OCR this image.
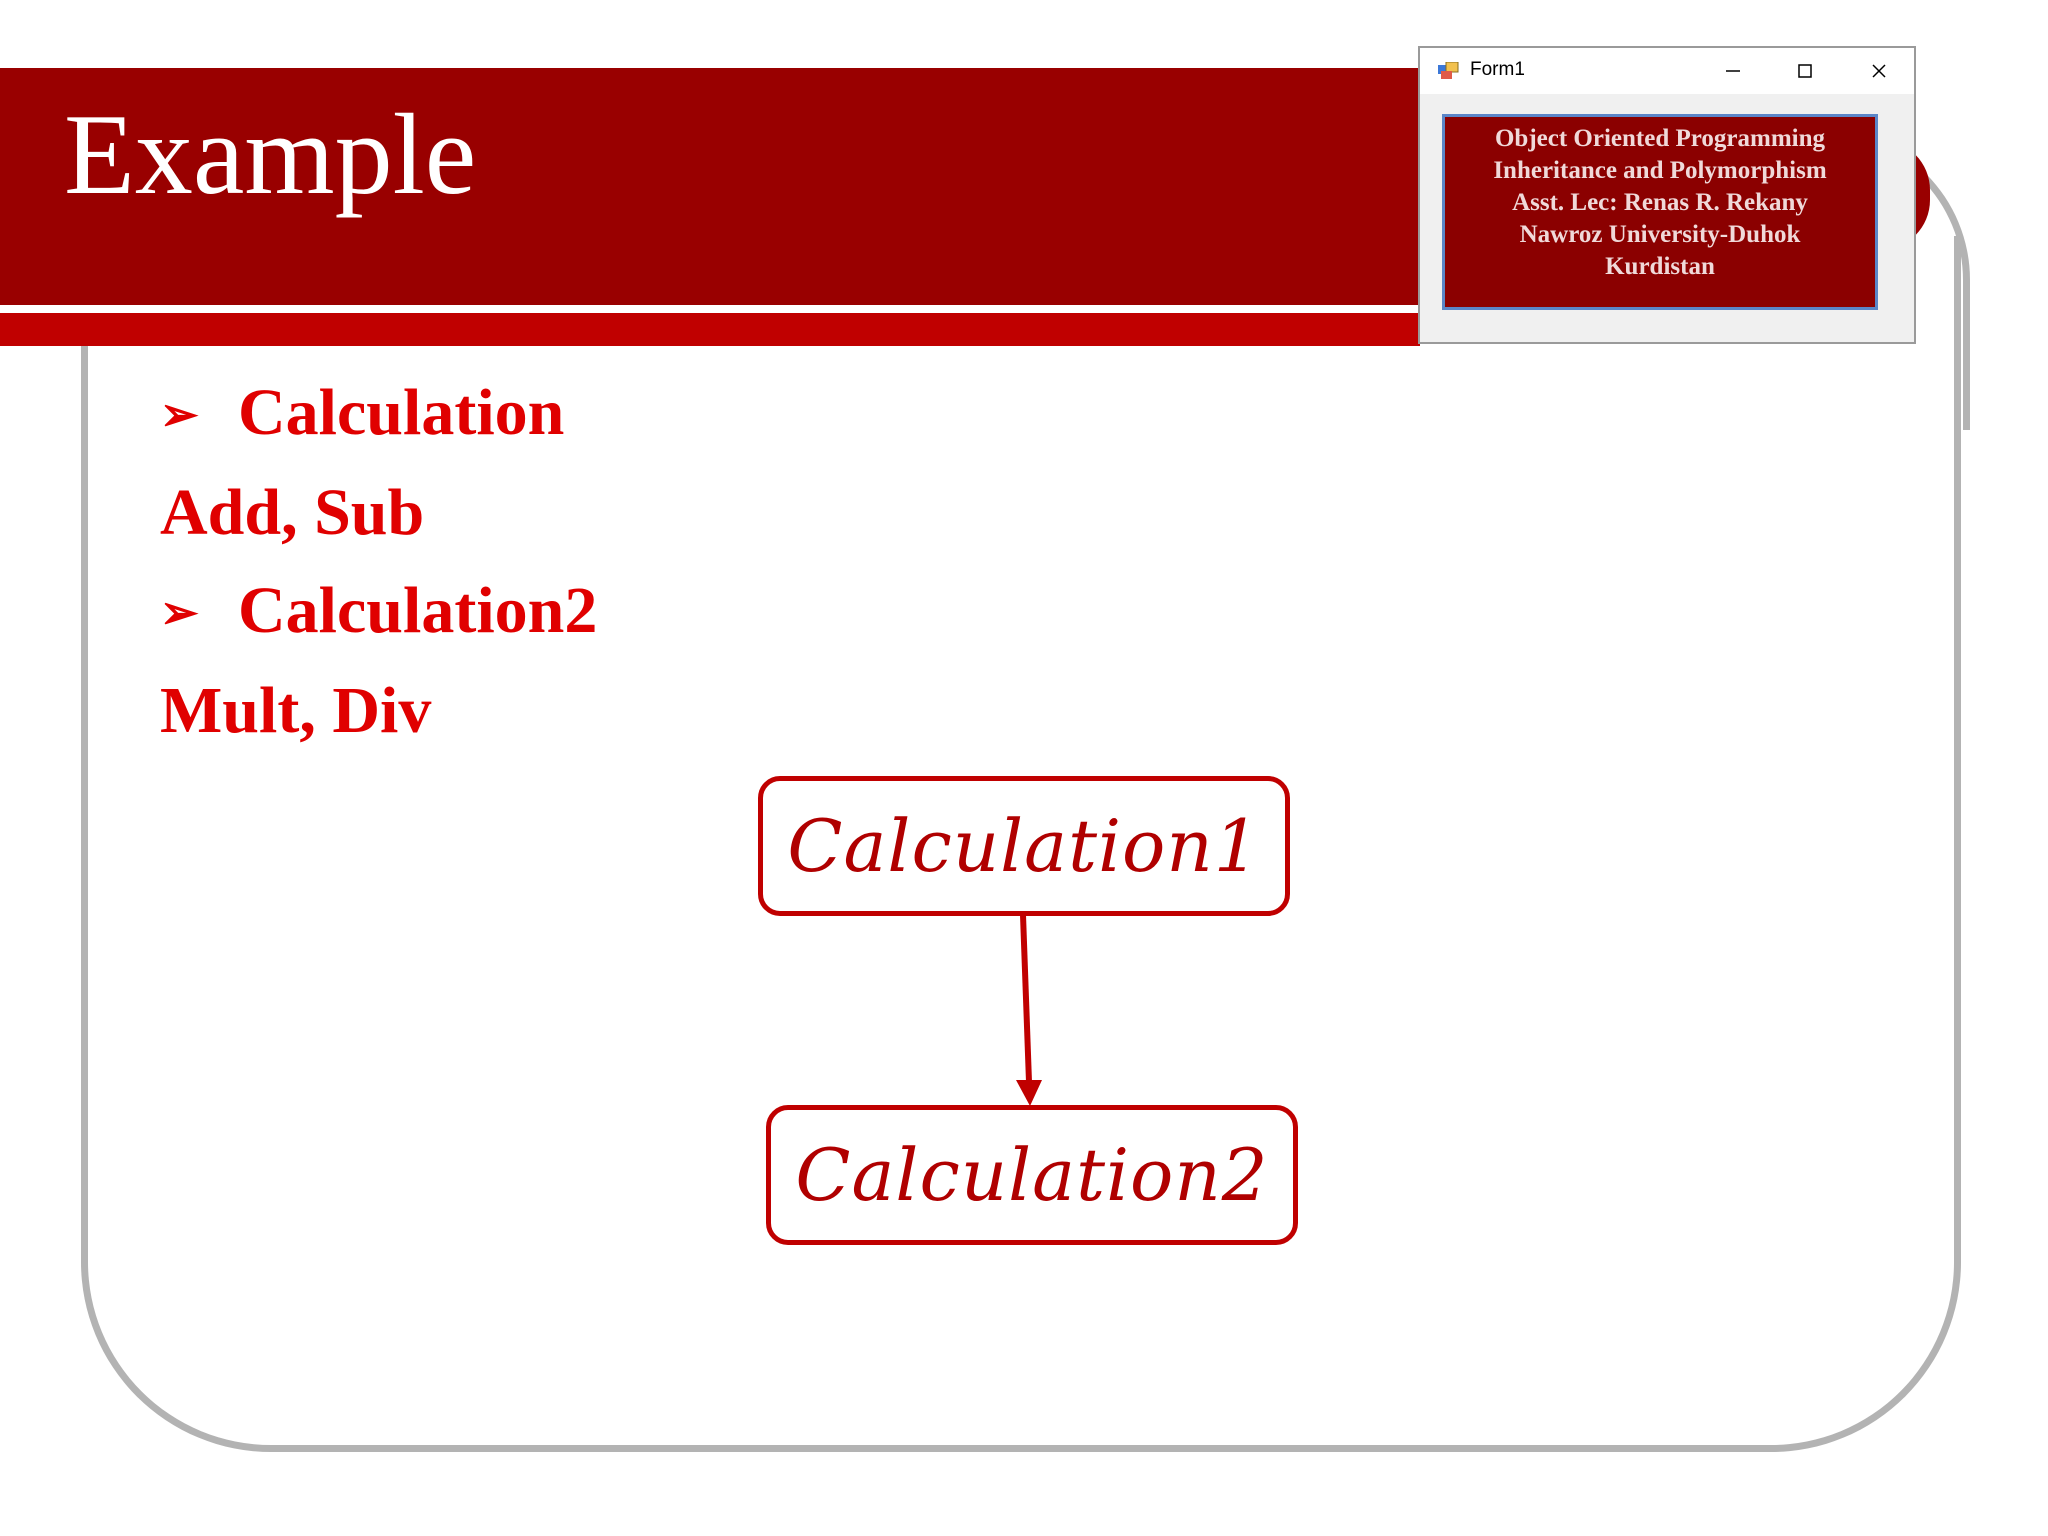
Example
➢ Calculation
Add, Sub
➢ Calculation2
Mult, Div
Calculation1
Calculation2
Form1
Object Oriented Programming
Inheritance and Polymorphism
Asst. Lec: Renas R. Rekany
Nawroz University-Duhok
Kurdistan
